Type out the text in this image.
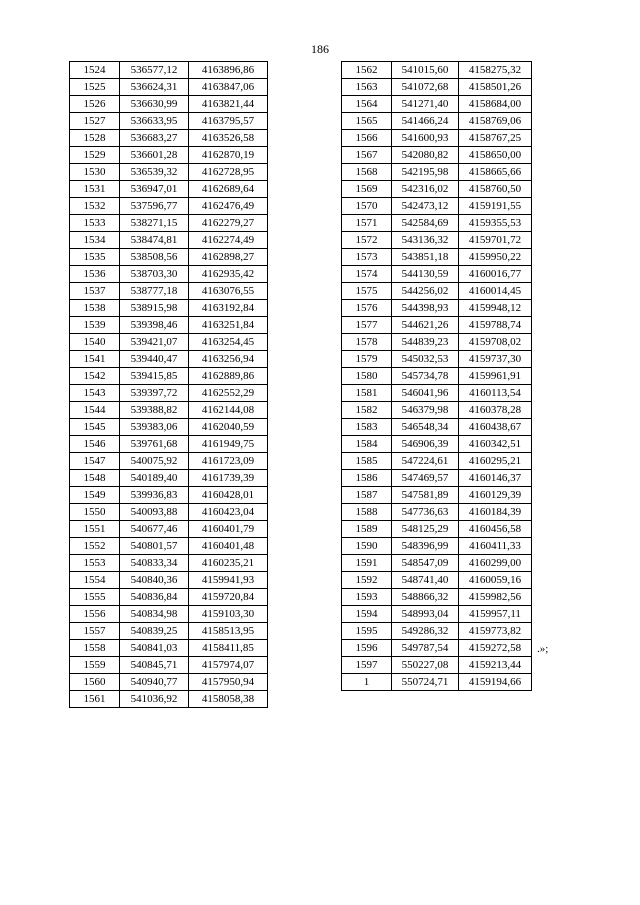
186
1524	536577,12	4163896,86
1525	536624,31	4163847,06
1526	536630,99	4163821,44
1527	536633,95	4163795,57
1528	536683,27	4163526,58
1529	536601,28	4162870,19
1530	536539,32	4162728,95
1531	536947,01	4162689,64
1532	537596,77	4162476,49
1533	538271,15	4162279,27
1534	538474,81	4162274,49
1535	538508,56	4162898,27
1536	538703,30	4162935,42
1537	538777,18	4163076,55
1538	538915,98	4163192,84
1539	539398,46	4163251,84
1540	539421,07	4163254,45
1541	539440,47	4163256,94
1542	539415,85	4162889,86
1543	539397,72	4162552,29
1544	539388,82	4162144,08
1545	539383,06	4162040,59
1546	539761,68	4161949,75
1547	540075,92	4161723,09
1548	540189,40	4161739,39
1549	539936,83	4160428,01
1550	540093,88	4160423,04
1551	540677,46	4160401,79
1552	540801,57	4160401,48
1553	540833,34	4160235,21
1554	540840,36	4159941,93
1555	540836,84	4159720,84
1556	540834,98	4159103,30
1557	540839,25	4158513,95
1558	540841,03	4158411,85
1559	540845,71	4157974,07
1560	540940,77	4157950,94
1561	541036,92	4158058,38
1562	541015,60	4158275,32
1563	541072,68	4158501,26
1564	541271,40	4158684,00
1565	541466,24	4158769,06
1566	541600,93	4158767,25
1567	542080,82	4158650,00
1568	542195,98	4158665,66
1569	542316,02	4158760,50
1570	542473,12	4159191,55
1571	542584,69	4159355,53
1572	543136,32	4159701,72
1573	543851,18	4159950,22
1574	544130,59	4160016,77
1575	544256,02	4160014,45
1576	544398,93	4159948,12
1577	544621,26	4159788,74
1578	544839,23	4159708,02
1579	545032,53	4159737,30
1580	545734,78	4159961,91
1581	546041,96	4160113,54
1582	546379,98	4160378,28
1583	546548,34	4160438,67
1584	546906,39	4160342,51
1585	547224,61	4160295,21
1586	547469,57	4160146,37
1587	547581,89	4160129,39
1588	547736,63	4160184,39
1589	548125,29	4160456,58
1590	548396,99	4160411,33
1591	548547,09	4160299,00
1592	548741,40	4160059,16
1593	548866,32	4159982,56
1594	548993,04	4159957,11
1595	549286,32	4159773,82
1596	549787,54	4159272,58
1597	550227,08	4159213,44
1	550724,71	4159194,66
.»;
